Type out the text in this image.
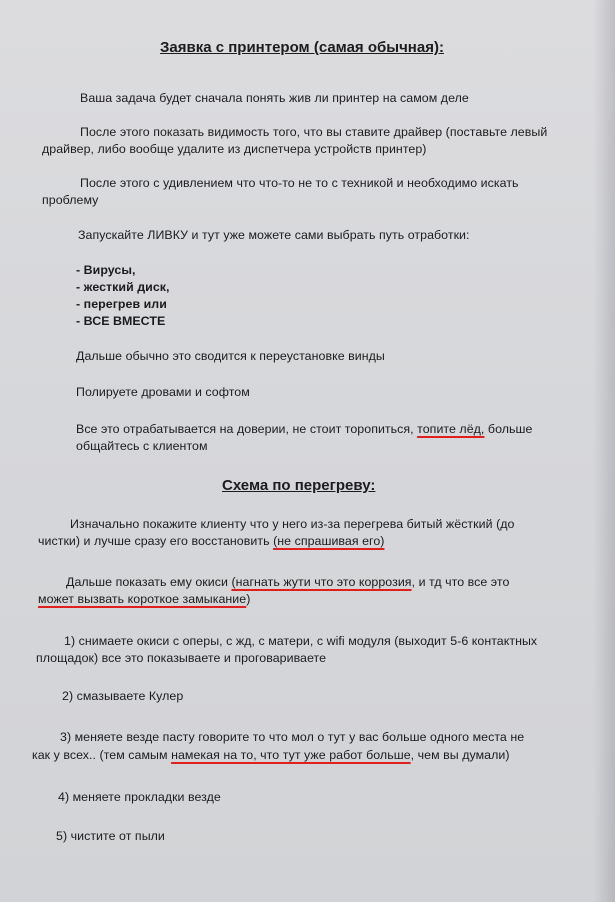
Заявка с принтером (самая обычная):
Ваша задача будет сначала понять жив ли принтер на самом деле
После этого показать видимость того, что вы ставите драйвер (поставьте левый
драйвер, либо вообще удалите из диспетчера устройств принтер)
После этого с удивлением что что-то не то с техникой и необходимо искать
проблему
Запускайте ЛИВКУ и тут уже можете сами выбрать путь отработки:
- Вирусы,
- жесткий диск,
- перегрев или
- ВСЕ ВМЕСТЕ
Дальше обычно это сводится к переустановке винды
Полируете дровами и софтом
Все это отрабатывается на доверии, не стоит торопиться, топите лёд, больше
общайтесь с клиентом
Схема по перегреву:
Изначально покажите клиенту что у него из-за перегрева битый жёсткий (до
чистки) и лучше сразу его восстановить (не спрашивая его)
Дальше показать ему окиси (нагнать жути что это коррозия, и тд что все это
может вызвать короткое замыкание)
1) снимаете окиси с оперы, с жд, с матери, с wifi модуля (выходит 5-6 контактных
площадок) все это показываете и проговариваете
2) смазываете Кулер
3) меняете везде пасту говорите то что мол о тут у вас больше одного места не
как у всех.. (тем самым намекая на то, что тут уже работ больше, чем вы думали)
4) меняете прокладки везде
5) чистите от пыли
